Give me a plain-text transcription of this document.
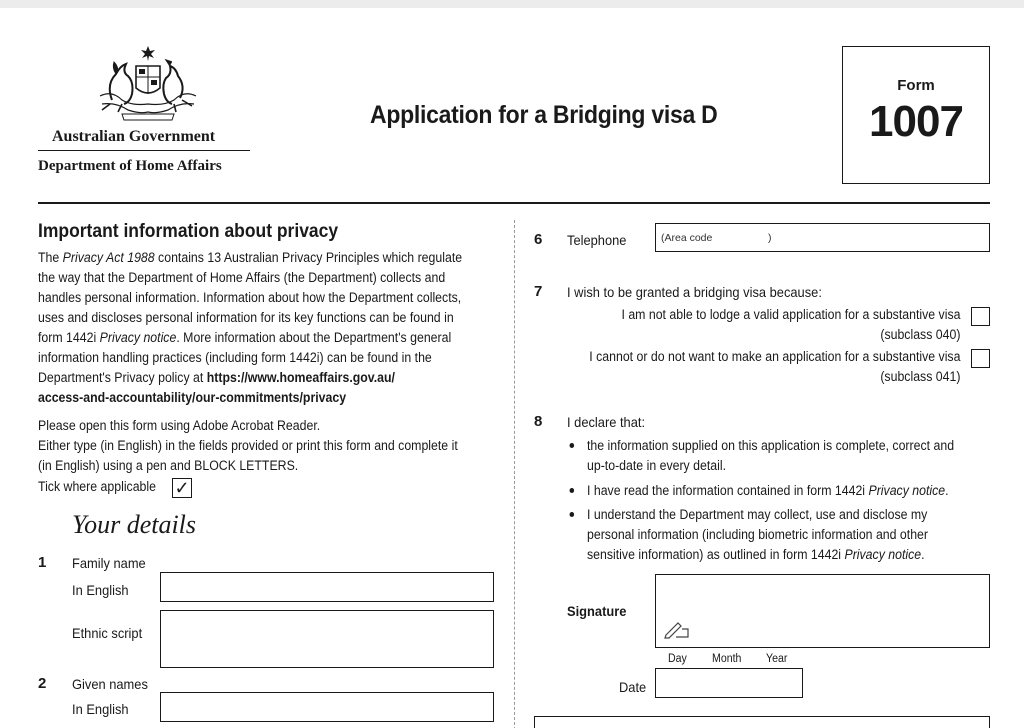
Australian Government
Department of Home Affairs
Application for a Bridging visa D
Form
1007
Important information about privacy
The Privacy Act 1988 contains 13 Australian Privacy Principles which regulate
the way that the Department of Home Affairs (the Department) collects and
handles personal information. Information about how the Department collects,
uses and discloses personal information for its key functions can be found in
form 1442i Privacy notice. More information about the Department's general
information handling practices (including form 1442i) can be found in the
Department's Privacy policy at https://www.homeaffairs.gov.au/
access-and-accountability/our-commitments/privacy
Please open this form using Adobe Acrobat Reader.
Either type (in English) in the fields provided or print this form and complete it
(in English) using a pen and BLOCK LETTERS.
Tick where applicable ✓
Your details
1 Family name
In English
Ethnic script
2 Given names
In English
6 Telephone	(Area code	)
7 I wish to be granted a bridging visa because:
I am not able to lodge a valid application for a substantive visa
(subclass 040)
I cannot or do not want to make an application for a substantive visa
(subclass 041)
8 I declare that:
the information supplied on this application is complete, correct and
up-to-date in every detail.
I have read the information contained in form 1442i Privacy notice.
I understand the Department may collect, use and disclose my
personal information (including biometric information and other
sensitive information) as outlined in form 1442i Privacy notice.
Signature
Day Month Year
Date
